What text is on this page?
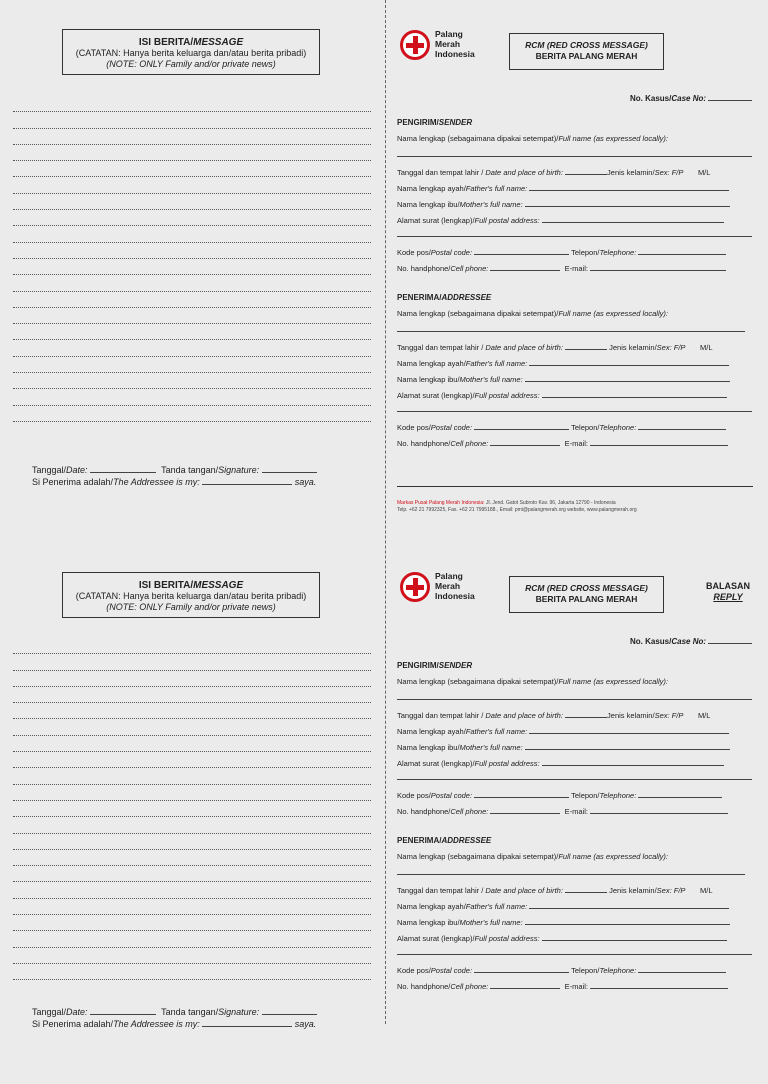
ISI BERITA/MESSAGE
(CATATAN: Hanya berita keluarga dan/atau berita pribadi)
(NOTE: ONLY Family and/or private news)
Tanggal/Date:	Tanda tangan/Signature:
Si Penerima adalah/The Addressee is my:	saya.
Palang
Merah
Indonesia
RCM (RED CROSS MESSAGE)
BERITA PALANG MERAH
No. Kasus/Case No:
PENGIRIM/SENDER
Nama lengkap (sebagaimana dipakai setempat)/Full name (as expressed locally):
Tanggal dan tempat lahir / Date and place of birth:	Jenis kelamin/Sex: F/P M/L
Nama lengkap ayah/Father's full name:
Nama lengkap ibu/Mother's full name:
Alamat surat (lengkap)/Full postal address:
Kode pos/Postal code:	Telepon/Telephone:
No. handphone/Cell phone:	E-mail:
PENERIMA/ADDRESSEE
Nama lengkap (sebagaimana dipakai setempat)/Full name (as expressed locally):
Tanggal dan tempat lahir / Date and place of birth:	Jenis kelamin/Sex: F/P M/L
Nama lengkap ayah/Father's full name:
Nama lengkap ibu/Mother's full name:
Alamat surat (lengkap)/Full postal address:
Kode pos/Postal code:	Telepon/Telephone:
No. handphone/Cell phone:	E-mail:
Markas Pusat Palang Merah Indonesia: Jl. Jend. Gatot Subroto Kav. 96, Jakarta 12790 - Indonesia
Telp. +62 21 7992325, Fax. +62 21 7995188., Email: pmi@palangmerah.org website, www.palangmerah.org
ISI BERITA/MESSAGE
(CATATAN: Hanya berita keluarga dan/atau berita pribadi)
(NOTE: ONLY Family and/or private news)
Tanggal/Date:	Tanda tangan/Signature:
Si Penerima adalah/The Addressee is my:	saya.
Palang
Merah
Indonesia
RCM (RED CROSS MESSAGE)
BERITA PALANG MERAH
BALASAN
REPLY
No. Kasus/Case No:
PENGIRIM/SENDER
Nama lengkap (sebagaimana dipakai setempat)/Full name (as expressed locally):
Tanggal dan tempat lahir / Date and place of birth:	Jenis kelamin/Sex: F/P M/L
Nama lengkap ayah/Father's full name:
Nama lengkap ibu/Mother's full name:
Alamat surat (lengkap)/Full postal address:
Kode pos/Postal code:	Telepon/Telephone:
No. handphone/Cell phone:	E-mail:
PENERIMA/ADDRESSEE
Nama lengkap (sebagaimana dipakai setempat)/Full name (as expressed locally):
Tanggal dan tempat lahir / Date and place of birth:	Jenis kelamin/Sex: F/P M/L
Nama lengkap ayah/Father's full name:
Nama lengkap ibu/Mother's full name:
Alamat surat (lengkap)/Full postal address:
Kode pos/Postal code:	Telepon/Telephone:
No. handphone/Cell phone:	E-mail:
